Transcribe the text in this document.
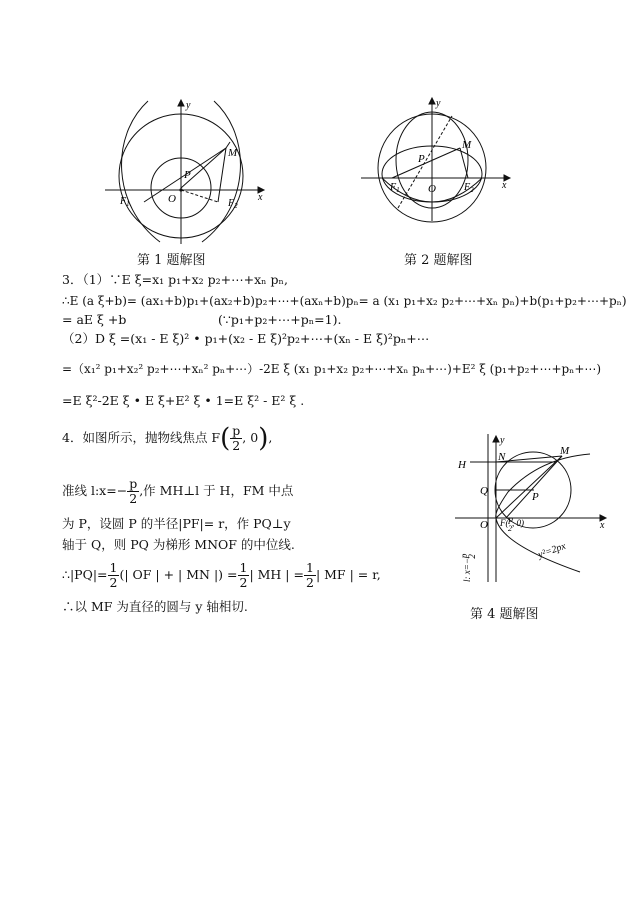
y
x
M
P
O
$F_1$	$F_2$
第 1 题解图
y
x
M
P
O
$F_1$	$F_2$
第 2 题解图
3．（1）∵E ξ=x₁ p₁+x₂ p₂+⋯+xₙ pₙ,
∴E (a ξ+b)= (ax₁+b)p₁+(ax₂+b)p₂+⋯+(axₙ+b)pₙ= a (x₁ p₁+x₂ p₂+⋯+xₙ pₙ)+b(p₁+p₂+⋯+pₙ)
= aE ξ +b	(∵p₁+p₂+⋯+pₙ=1).
（2）D ξ =(x₁ - E ξ)² • p₁+(x₂ - E ξ)²p₂+⋯+(xₙ - E ξ)²pₙ+⋯
=（x₁² p₁+x₂² p₂+⋯+xₙ² pₙ+⋯）-2E ξ (x₁ p₁+x₂ p₂+⋯+xₙ pₙ+⋯)+E² ξ (p₁+p₂+⋯+pₙ+⋯)
=E ξ²-2E ξ • E ξ+E² ξ • 1=E ξ² - E² ξ .
4．如图所示，抛物线焦点 $F( \frac{p}{2}$ , 0),
准线 l:x=− $\frac{p}{2}$ ,作 MH⊥l 于 H，FM 中点
为 P，设圆 P 的半径|PF|= r，作 PQ⊥y
轴于 Q，则 PQ 为梯形 MNOF 的中位线.
∴|PQ|= $\frac{1}{2}$ (| OF | + | MN |) = $\frac{1}{2}$ | MH | = $\frac{1}{2}$ | MF | = r,
∴以 MF 为直径的圆与 y 轴相切.
y
x
H
N	M
Q	P
O F(p 2, 0)
y²=2px
l: x=−p2
第 4 题解图
